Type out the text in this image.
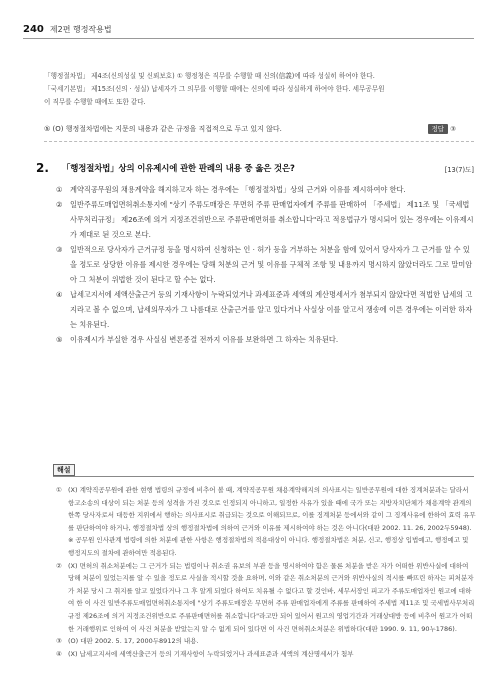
240 제2편 행정작용법

「행정절차법」 제4조(신의성실 및 신뢰보호) ① 행정청은 직무를 수행할 때 신의(信義)에 따라 성실히 하여야 한다.

「국세기본법」 제15조(신의 · 성실) 납세자가 그 의무를 이행할 때에는 신의에 따라 성실하게 하여야 한다. 세무공무원

이 직무를 수행할 때에도 또한 같다.

⑤ (O) 행정절차법에는 지문의 내용과 같은 규정을 직접적으로 두고 있지 않다.	정답 ③
2. 「행정절차법」상의 이유제시에 관한 판례의 내용 중 옳은 것은?	[13(7)도]
①	계약직공무원의 채용계약을 해지하고자 하는 경우에는 「행정절차법」상의 근거와 이유를 제시하여야 한다.
②	일반주류도매업면허취소통지에 "상기 주류도매장은 무면허 주류 판매업자에게 주류를 판매하여 「주세법」 제11조 및 「국세법사무처리규정」 제26조에 의거 지정조건위반으로 주류판매면허를 취소합니다"라고 적용법규가 명시되어 있는 경우에는 이유제시가 제대로 된 것으로 본다.
③	일반적으로 당사자가 근거규정 등을 명시하여 신청하는 인 · 허가 등을 거부하는 처분을 함에 있어서 당사자가 그 근거를 알 수 있을 정도로 상당한 이유를 제시한 경우에는 당해 처분의 근거 및 이유를 구체적 조항 및 내용까지 명시하지 않았더라도 그로 말미암아 그 처분이 위법한 것이 된다고 할 수는 없다.
④	납세고지서에 세액산출근거 등의 기재사항이 누락되었거나 과세표준과 세액의 계산명세서가 첨부되지 않았다면 적법한 납세의 고지라고 볼 수 없으며, 납세의무자가 그 나름대로 산출근거를 알고 있다거나 사실상 이를 알고서 쟁송에 이른 경우에는 이러한 하자는 치유된다.
⑤	이유제시가 부실한 경우 사실심 변론종결 전까지 이유를 보완하면 그 하자는 치유된다.
해설
① (X) 계약직공무원에 관한 현행 법령의 규정에 비추어 볼 때, 계약직공무원 채용계약해지의 의사표시는 일반공무원에 대한 징계처분과는 달라서 항고소송의 대상이 되는 처분 등의 성격을 가진 것으로 인정되지 아니하고, 일정한 사유가 있을 때에 국가 또는 지방자치단체가 채용계약 관계의 한쪽 당사자로서 대등한 지위에서 행하는 의사표시로 취급되는 것으로 이해되므로, 이를 징계처분 등에서와 같이 그 징계사유에 한하여 효력 유무를 판단하여야 하거나, 행정절차법 상의 행정절차법에 의하여 근거와 이유를 제시하여야 하는 것은 아니다(대판 2002. 11. 26, 2002두5948). ※ 공무원 인사관계 법령에 의한 처분에 관한 사항은 행정절차법의 적용대상이 아니다. 행정절차법은 처분, 신고, 행정상 입법예고, 행정예고 및 행정지도의 절차에 관하여만 적용된다.
② (X) 면허의 취소처분에는 그 근거가 되는 법령이나 취소권 유보의 부관 등을 명시하여야 함은 물론 처분을 받은 자가 어떠한 위반사실에 대하여 당해 처분이 있었는지를 알 수 있을 정도로 사실을 적시할 것을 요하며, 이와 같은 취소처분의 근거와 위반사실의 적시를 빠뜨린 하자는 피처분자가 처분 당시 그 취지를 알고 있었다거나 그 후 알게 되었다 하여도 치유될 수 없다고 할 것인바, 세무서장인 피고가 주류도매업자인 원고에 대하여 한 이 사건 일반주류도매업면허취소통지에 "상기 주류도매장은 무면허 주류 판매업자에게 주류를 판매하여 주세법 제11조 및 국세법사무처리규정 제26조에 의거 지정조건위반으로 주류판매면허를 취소합니다"라고만 되어 있어서 원고의 영업기간과 거래상대방 등에 비추어 원고가 어떠한 거래행위로 인하여 이 사건 처분을 받았는지 알 수 없게 되어 있다면 이 사건 면허취소처분은 위법하다(대판 1990. 9. 11, 90누1786).
③ (O) 대판 2002. 5. 17, 2000두8912의 내용.
④ (X) 납세고지서에 세액산출근거 등의 기재사항이 누락되었거나 과세표준과 세액의 계산명세서가 첨부
